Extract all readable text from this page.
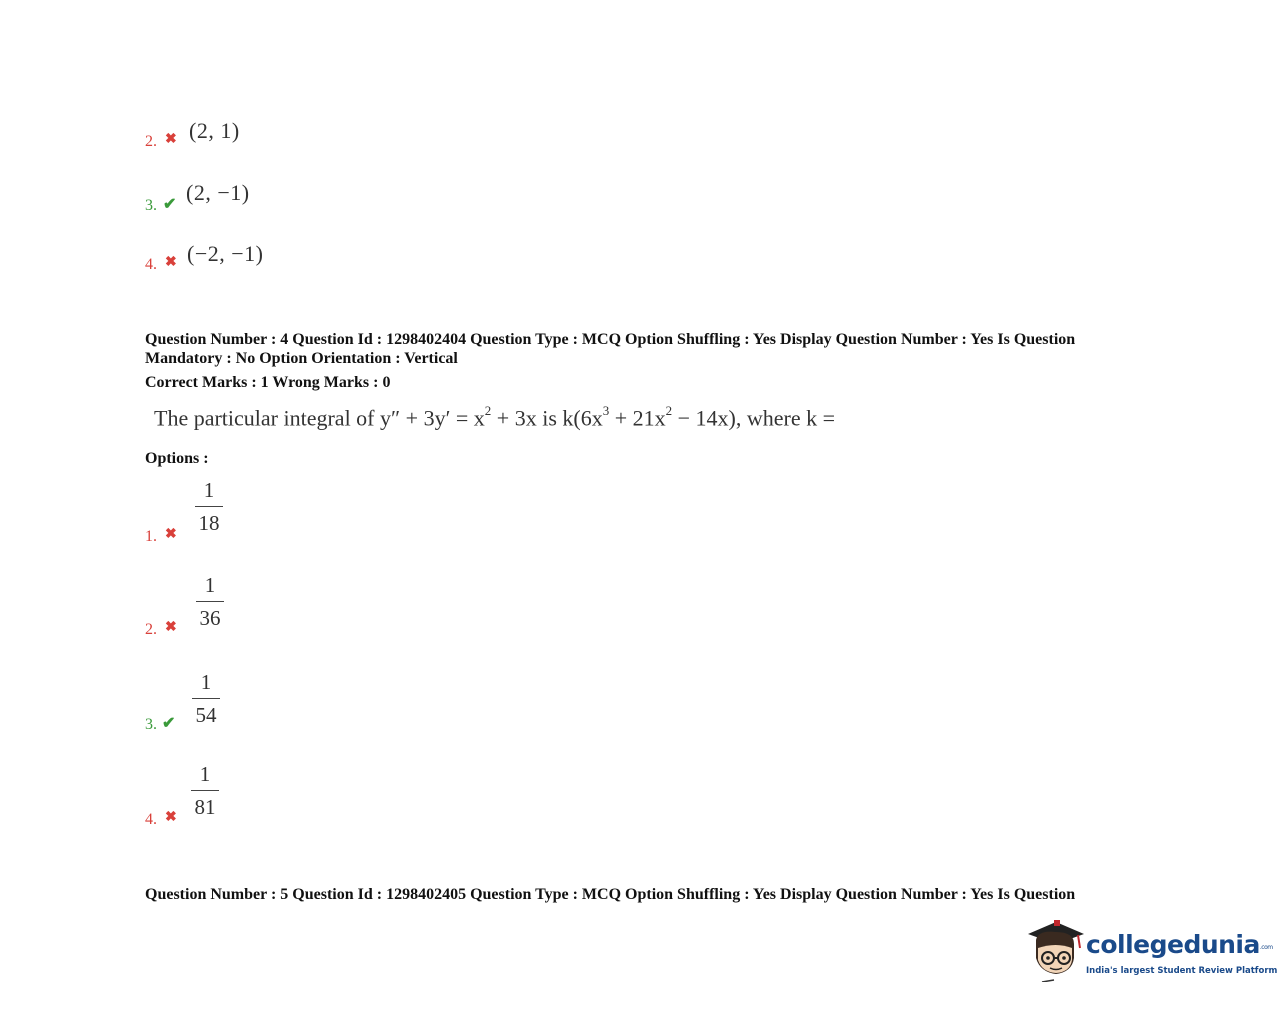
2. ✖ (2, 1)
3. ✔ (2, −1)
4. ✖ (−2, −1)
Question Number : 4 Question Id : 1298402404 Question Type : MCQ Option Shuffling : Yes Display Question Number : Yes Is Question
Mandatory : No Option Orientation : Vertical
Correct Marks : 1 Wrong Marks : 0
The particular integral of $y'' + 3y' = x^2 + 3x$ is $k(6x^3 + 21x^2 - 14x)$, where k =
Options :
1. ✖
1
18
2. ✖
1
36
3. ✔
1
54
4. ✖
1
81
Question Number : 5 Question Id : 1298402405 Question Type : MCQ Option Shuffling : Yes Display Question Number : Yes Is Question
collegedunia.com
India's largest Student Review Platform
